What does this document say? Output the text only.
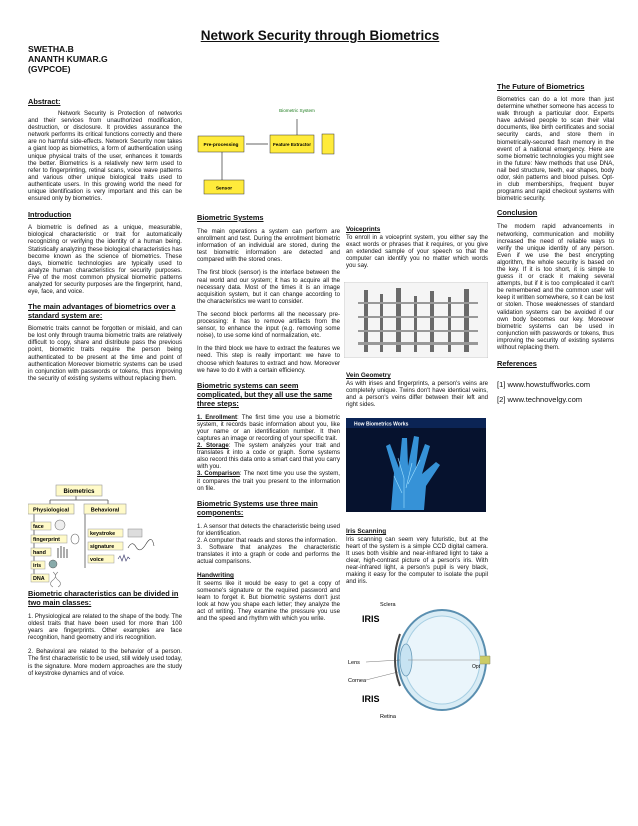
Network Security through Biometrics
SWETHA.B
ANANTH KUMAR.G
(GVPCOE)

Abstract:

Network Security is Protection of networks and their services from unauthorized modification, destruction, or disclosure. It provides assurance the network performs its critical functions correctly and there are no harmful side-effects. Network Security now takes a giant loop as biometrics, a form of authentication using unique physical traits of the user, enhances it towards the better. Biometrics is a relatively new term used to refer to fingerprinting, retinal scans, voice wave patterns and various other unique biological traits used to authenticate users. In this growing world the need for unique identification is very important and this can be ensured only by biometrics.

Introduction

A biometric is defined as a unique, measurable, biological characteristic or trait for automatically recognizing or verifying the identity of a human being. Statistically analyzing these biological characteristics has become known as the science of biometrics. These days, biometric technologies are typically used to analyze human characteristics for security purposes. Five of the most common physical biometric patterns analyzed for security purposes are the fingerprint, hand, eye, face, and voice.

The main advantages of biometrics over a standard system are:

Biometric traits cannot be forgotten or mislaid, and can be lost only through trauma biometric traits are relatively difficult to copy, share and distribute pass the previous point, biometric traits require the person being authenticated to be present at the time and point of authentication Moreover biometric systems can be used in conjunction with passwords or tokens, thus improving the security of existing systems without replacing them.

Biometrics
Physiological	Behavioral
face
fingerprint
hand
iris
DNA
keystroke
signature
voice

Biometric characteristics can be divided in two main classes:

1. Physiological are related to the shape of the body. The oldest traits that have been used for more than 100 years are fingerprints. Other examples are face recognition, hand geometry and iris recognition.

2. Behavioral are related to the behavior of a person. The first characteristic to be used, still widely used today, is the signature. More modern approaches are the study of keystroke dynamics and of voice.

Biometric System
Pre-processing	Feature Extractor
Sensor

Biometric Systems

The main operations a system can perform are enrollment and test. During the enrollment biometric information of an individual are stored, during the test biometric information are detected and compared with the stored ones.

The first block (sensor) is the interface between the real world and our system; it has to acquire all the necessary data. Most of the times it is an image acquisition system, but it can change according to the characteristics we want to consider.

The second block performs all the necessary pre-processing: it has to remove artifacts from the sensor, to enhance the input (e.g. removing some noise), to use some kind of normalization, etc.

In the third block we have to extract the features we need. This step is really important: we have to choose which features to extract and how. Moreover we have to do it with a certain efficiency.

Biometric systems can seem complicated, but they all use the same three steps:

1. Enrollment: The first time you use a biometric system, it records basic information about you, like your name or an identification number. It then captures an image or recording of your specific trait.

2. Storage: The system analyzes your trait and translates it into a code or graph. Some systems also record this data onto a smart card that you carry with you.

3. Comparison: The next time you use the system, it compares the trait you present to the information on file.

Biometric Systems use three main components:

1. A sensor that detects the characteristic being used for identification.

2. A computer that reads and stores the information.

3. Software that analyzes the characteristic translates it into a graph or code and performs the actual comparisons.

Handwriting

It seems like it would be easy to get a copy of someone's signature or the required password and learn to forget it. But biometric systems don't just look at how you shape each letter; they analyze the act of writing. They examine the pressure you use and the speed and rhythm with which you write.

Voiceprints

To enroll in a voiceprint system, you either say the exact words or phrases that it requires, or you give an extended sample of your speech so that the computer can identify you no matter which words you say.

Vein Geometry

As with irises and fingerprints, a person's veins are completely unique. Twins don't have identical veins, and a person's veins differ between their left and right sides.

How Biometrics Works

Iris Scanning

Iris scanning can seem very futuristic, but at the heart of the system is a simple CCD digital camera. It uses both visible and near-infrared light to take a clear, high-contrast picture of a person's iris. With near-infrared light, a person's pupil is very black, making it easy for the computer to isolate the pupil and iris.

Sclera
IRIS
Lens
Cornea
IRIS
Retina
Opt

The Future of Biometrics

Biometrics can do a lot more than just determine whether someone has access to walk through a particular door. Experts have advised people to scan their vital documents, like birth certificates and social security cards, and store them in biometrically-secured flash memory in the event of a national emergency. Here are some biometric technologies you might see in the future: New methods that use DNA, nail bed structure, teeth, ear shapes, body odor, skin patterns and blood pulses. Opt-in club memberships, frequent buyer programs and rapid checkout systems with biometric security.

Conclusion

The modern rapid advancements in networking, communication and mobility increased the need of reliable ways to verify the unique identity of any person. Even if we use the best encrypting algorithm, the whole security is based on the key. If it is too short, it is simple to guess it or crack it making several attempts, but if it is too complicated it can't be remembered and the common user will keep it written somewhere, so it can be lost or stolen. Those weaknesses of standard validation systems can be avoided if our own body becomes our key. Moreover biometric systems can be used in conjunction with passwords or tokens, thus improving the security of existing systems without replacing them.

References

[1] www.howstuffworks.com

[2] www.technovelgy.com
